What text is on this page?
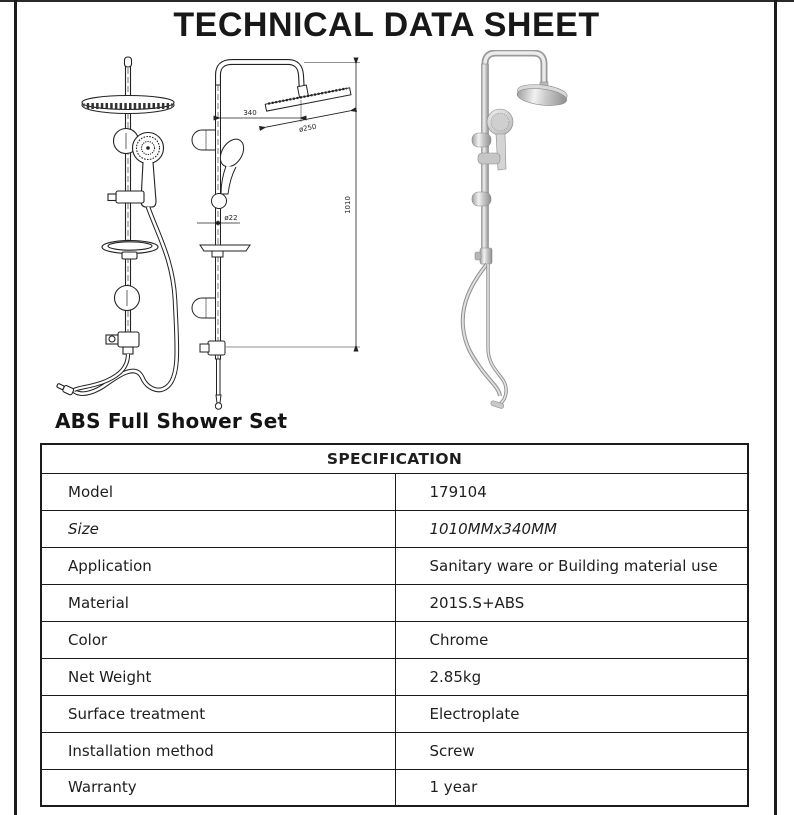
TECHNICAL DATA SHEET
340
ø250
1010
ø22
ABS Full Shower Set
SPECIFICATION	
Model	179104
Size	1010MMx340MM
Application	Sanitary ware or Building material use
Material	201S.S+ABS
Color	Chrome
Net Weight	2.85kg
Surface treatment	Electroplate
Installation method	Screw
Warranty	1 year
